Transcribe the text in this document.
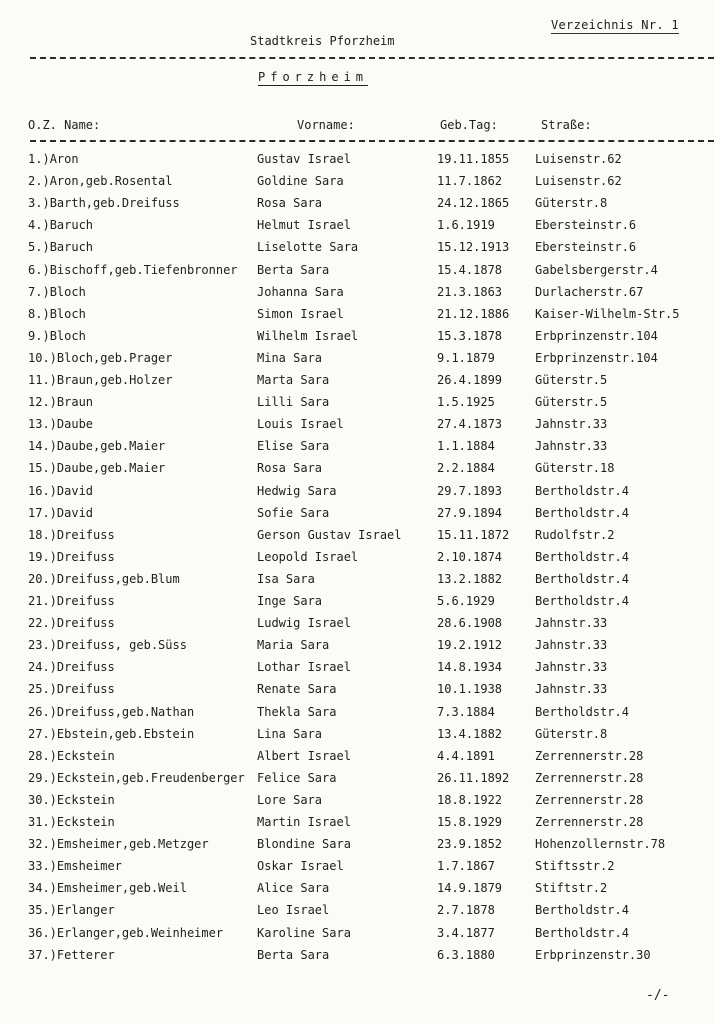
Verzeichnis Nr. 1
Stadtkreis Pforzheim
Pforzheim
O.Z. Name:	Vorname:	Geb.Tag:	Straße:
1.)Aron	Gustav Israel	19.11.1855 Luisenstr.62
2.)Aron,geb.Rosental	Goldine Sara	11.7.1862	Luisenstr.62
3.)Barth,geb.Dreifuss	Rosa Sara	24.12.1865 Güterstr.8
4.)Baruch	Helmut Israel	1.6.1919	Ebersteinstr.6
5.)Baruch	Liselotte Sara	15.12.1913 Ebersteinstr.6
6.)Bischoff,geb.Tiefenbronner Berta Sara	15.4.1878	Gabelsbergerstr.4
7.)Bloch	Johanna Sara	21.3.1863	Durlacherstr.67
8.)Bloch	Simon Israel	21.12.1886 Kaiser-Wilhelm-Str.5
9.)Bloch	Wilhelm Israel	15.3.1878	Erbprinzenstr.104
10.)Bloch,geb.Prager	Mina Sara	9.1.1879	Erbprinzenstr.104
11.)Braun,geb.Holzer	Marta Sara	26.4.1899	Güterstr.5
12.)Braun	Lilli Sara	1.5.1925	Güterstr.5
13.)Daube	Louis Israel	27.4.1873	Jahnstr.33
14.)Daube,geb.Maier	Elise Sara	1.1.1884	Jahnstr.33
15.)Daube,geb.Maier	Rosa Sara	2.2.1884	Güterstr.18
16.)David	Hedwig Sara	29.7.1893	Bertholdstr.4
17.)David	Sofie Sara	27.9.1894	Bertholdstr.4
18.)Dreifuss	Gerson Gustav Israel	15.11.1872 Rudolfstr.2
19.)Dreifuss	Leopold Israel	2.10.1874	Bertholdstr.4
20.)Dreifuss,geb.Blum	Isa Sara	13.2.1882	Bertholdstr.4
21.)Dreifuss	Inge Sara	5.6.1929	Bertholdstr.4
22.)Dreifuss	Ludwig Israel	28.6.1908	Jahnstr.33
23.)Dreifuss, geb.Süss	Maria Sara	19.2.1912	Jahnstr.33
24.)Dreifuss	Lothar Israel	14.8.1934	Jahnstr.33
25.)Dreifuss	Renate Sara	10.1.1938	Jahnstr.33
26.)Dreifuss,geb.Nathan	Thekla Sara	7.3.1884	Bertholdstr.4
27.)Ebstein,geb.Ebstein	Lina Sara	13.4.1882	Güterstr.8
28.)Eckstein	Albert Israel	4.4.1891	Zerrennerstr.28
29.)Eckstein,geb.Freudenberger Felice Sara	26.11.1892 Zerrennerstr.28
30.)Eckstein	Lore Sara	18.8.1922	Zerrennerstr.28
31.)Eckstein	Martin Israel	15.8.1929	Zerrennerstr.28
32.)Emsheimer,geb.Metzger	Blondine Sara	23.9.1852	Hohenzollernstr.78
33.)Emsheimer	Oskar Israel	1.7.1867	Stiftsstr.2
34.)Emsheimer,geb.Weil	Alice Sara	14.9.1879	Stiftstr.2
35.)Erlanger	Leo Israel	2.7.1878	Bertholdstr.4
36.)Erlanger,geb.Weinheimer	Karoline Sara	3.4.1877	Bertholdstr.4
37.)Fetterer	Berta Sara	6.3.1880	Erbprinzenstr.30
-/-
